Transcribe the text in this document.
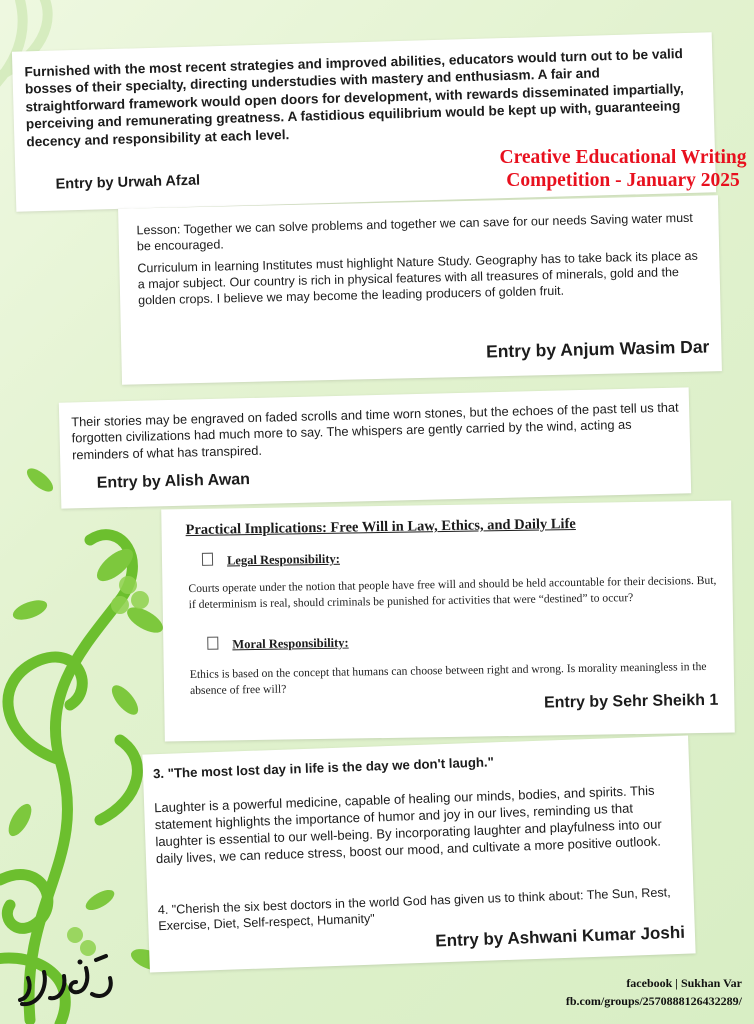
Furnished with the most recent strategies and improved abilities, educators would turn out to be valid bosses of their specialty, directing understudies with mastery and enthusiasm. A fair and straightforward framework would open doors for development, with rewards disseminated impartially, perceiving and remunerating greatness. A fastidious equilibrium would be kept up with, guaranteeing decency and responsibility at each level.

Entry by Urwah Afzal

Creative Educational Writing
Competition - January 2025

Lesson: Together we can solve problems and together we can save for our needs Saving water must be encouraged.

Curriculum in learning Institutes must highlight Nature Study. Geography has to take back its place as a major subject. Our country is rich in physical features with all treasures of minerals, gold and the golden crops. I believe we may become the leading producers of golden fruit.

Entry by Anjum Wasim Dar

Their stories may be engraved on faded scrolls and time worn stones, but the echoes of the past tell us that forgotten civilizations had much more to say. The whispers are gently carried by the wind, acting as reminders of what has transpired.

Entry by Alish Awan

Practical Implications: Free Will in Law, Ethics, and Daily Life

Legal Responsibility:

Courts operate under the notion that people have free will and should be held accountable for their decisions. But, if determinism is real, should criminals be punished for activities that were “destined” to occur?

Moral Responsibility:

Ethics is based on the concept that humans can choose between right and wrong. Is morality meaningless in the absence of free will?

Entry by Sehr Sheikh 1

3. "The most lost day in life is the day we don't laugh."

Laughter is a powerful medicine, capable of healing our minds, bodies, and spirits. This statement highlights the importance of humor and joy in our lives, reminding us that laughter is essential to our well-being. By incorporating laughter and playfulness into our daily lives, we can reduce stress, boost our mood, and cultivate a more positive outlook.

4. "Cherish the six best doctors in the world God has given us to think about: The Sun, Rest, Exercise, Diet, Self-respect, Humanity"

Entry by Ashwani Kumar Joshi

facebook | Sukhan Var
fb.com/groups/2570888126432289/
